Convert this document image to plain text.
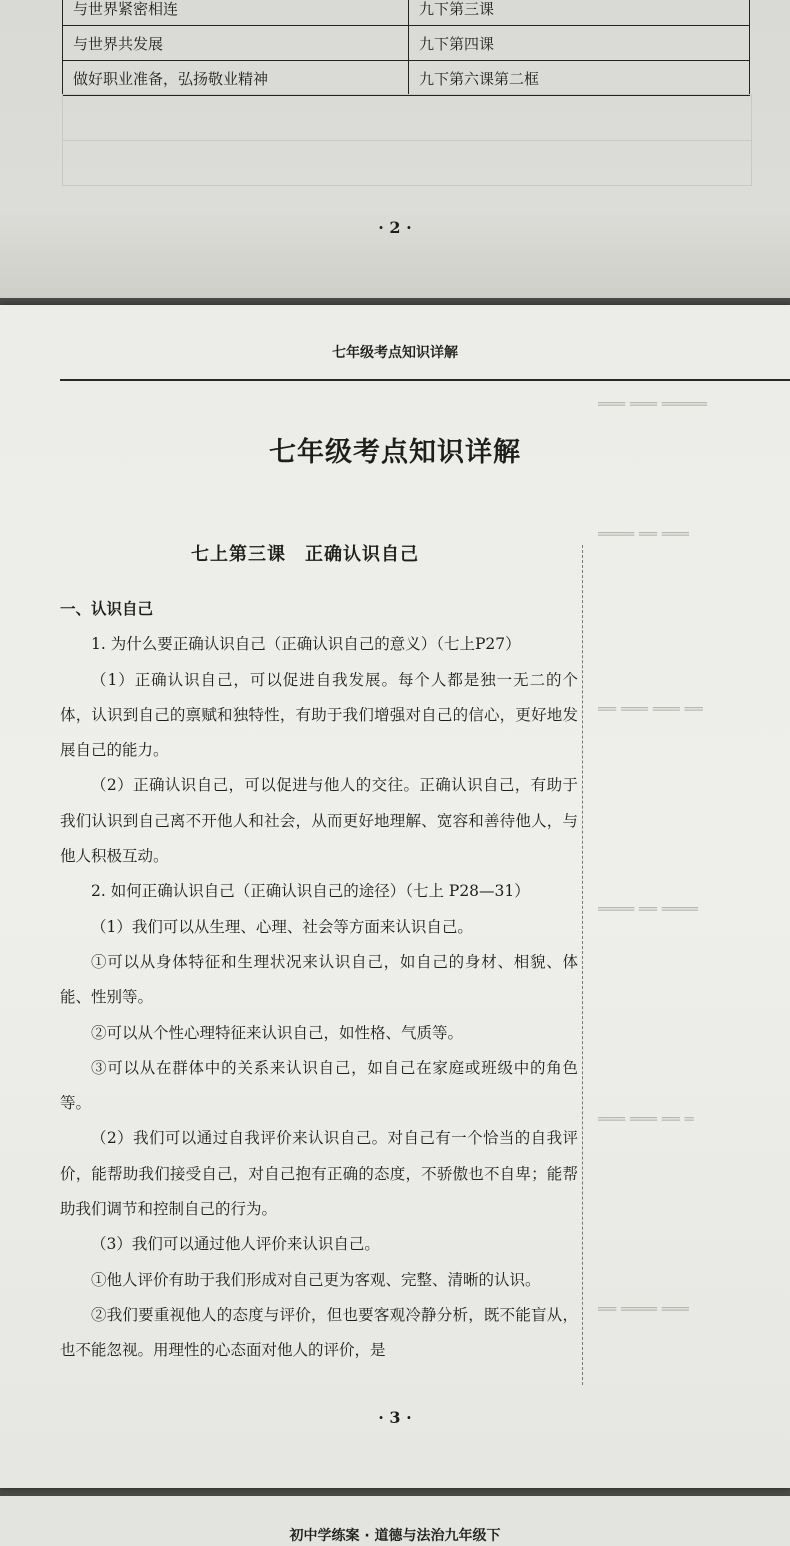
与世界紧密相连	九下第三课
与世界共发展	九下第四课
做好职业准备，弘扬敬业精神	九下第六课第二框
· 2 ·
七年级考点知识详解
七年级考点知识详解
七上第三课　正确认识自己
═══ ═══ ═════
════ ══ ═══
══ ═══ ═══ ══
════ ══ ════
═══ ═══ ══ ═
══ ════ ═══

一、认识自己

1. 为什么要正确认识自己（正确认识自己的意义）（七上P27）

（1）正确认识自己，可以促进自我发展。每个人都是独一无二的个体，认识到自己的禀赋和独特性，有助于我们增强对自己的信心，更好地发展自己的能力。

（2）正确认识自己，可以促进与他人的交往。正确认识自己，有助于我们认识到自己离不开他人和社会，从而更好地理解、宽容和善待他人，与他人积极互动。

2. 如何正确认识自己（正确认识自己的途径）（七上 P28—31）

（1）我们可以从生理、心理、社会等方面来认识自己。

①可以从身体特征和生理状况来认识自己，如自己的身材、相貌、体能、性别等。

②可以从个性心理特征来认识自己，如性格、气质等。

③可以从在群体中的关系来认识自己，如自己在家庭或班级中的角色等。

（2）我们可以通过自我评价来认识自己。对自己有一个恰当的自我评价，能帮助我们接受自己，对自己抱有正确的态度，不骄傲也不自卑；能帮助我们调节和控制自己的行为。

（3）我们可以通过他人评价来认识自己。

①他人评价有助于我们形成对自己更为客观、完整、清晰的认识。

②我们要重视他人的态度与评价，但也要客观冷静分析，既不能盲从，也不能忽视。用理性的心态面对他人的评价，是

· 3 ·
初中学练案 · 道德与法治九年级下
